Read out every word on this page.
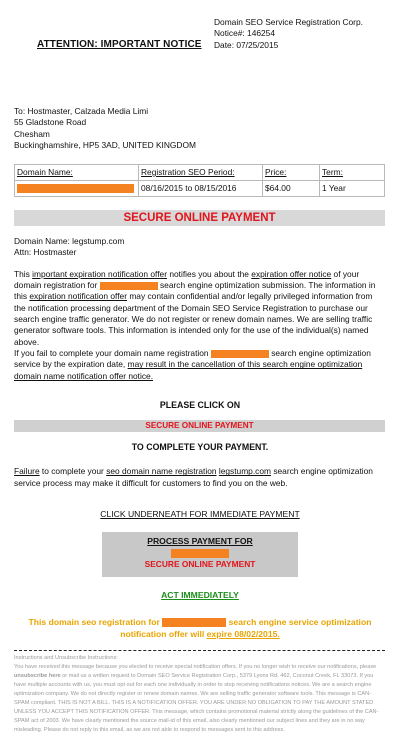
ATTENTION: IMPORTANT NOTICE
Domain SEO Service Registration Corp.
Notice#: 146254
Date: 07/25/2015
To: Hostmaster, Calzada Media Limi
55 Gladstone Road
Chesham
Buckinghamshire, HP5 3AD, UNITED KINGDOM
Domain Name:	Registration SEO Period:	Price:	Term:
	08/16/2015 to 08/15/2016	$64.00	1 Year
SECURE ONLINE PAYMENT
Domain Name: legstump.com
Attn: Hostmaster
This important expiration notification offer notifies you about the expiration offer notice of your domain registration for	search engine optimization submission. The information in this expiration notification offer may contain confidential and/or legally privileged information from the notification processing department of the Domain SEO Service Registration to purchase our search engine traffic generator. We do not register or renew domain names. We are selling traffic generator software tools. This information is intended only for the use of the individual(s) named above.
If you fail to complete your domain name registration	search engine optimization service by the expiration date, may result in the cancellation of this search engine optimization domain name notification offer notice.
PLEASE CLICK ON
SECURE ONLINE PAYMENT
TO COMPLETE YOUR PAYMENT.
Failure to complete your seo domain name registration legstump.com search engine optimization service process may make it difficult for customers to find you on the web.
CLICK UNDERNEATH FOR IMMEDIATE PAYMENT
PROCESS PAYMENT FOR
SECURE ONLINE PAYMENT
ACT IMMEDIATELY
This domain seo registration for	search engine service optimization notification offer will expire 08/02/2015.
Instructions and Unsubscribe Instructions:
You have received this message because you elected to receive special notification offers. If you no longer wish to receive our notifications, please unsubscribe here or mail us a written request to Domain SEO Service Registration Corp., 5379 Lyons Rd. 462, Coconut Creek, FL 33073. If you have multiple accounts with us, you must opt out for each one individually in order to stop receiving notifications notices. We are a search engine optimization company. We do not directly register or renew domain names. We are selling traffic generator software tools. This message is CAN-SPAM compliant. THIS IS NOT A BILL. THIS IS A NOTIFICATION OFFER. YOU ARE UNDER NO OBLIGATION TO PAY THE AMOUNT STATED UNLESS YOU ACCEPT THIS NOTIFICATION OFFER. This message, which contains promotional material strictly along the guidelines of the CAN-SPAM act of 2003. We have clearly mentioned the source mail-id of this email, also clearly mentioned our subject lines and they are in no way misleading. Please do not reply to this email, as we are not able to respond to messages sent to this address.
